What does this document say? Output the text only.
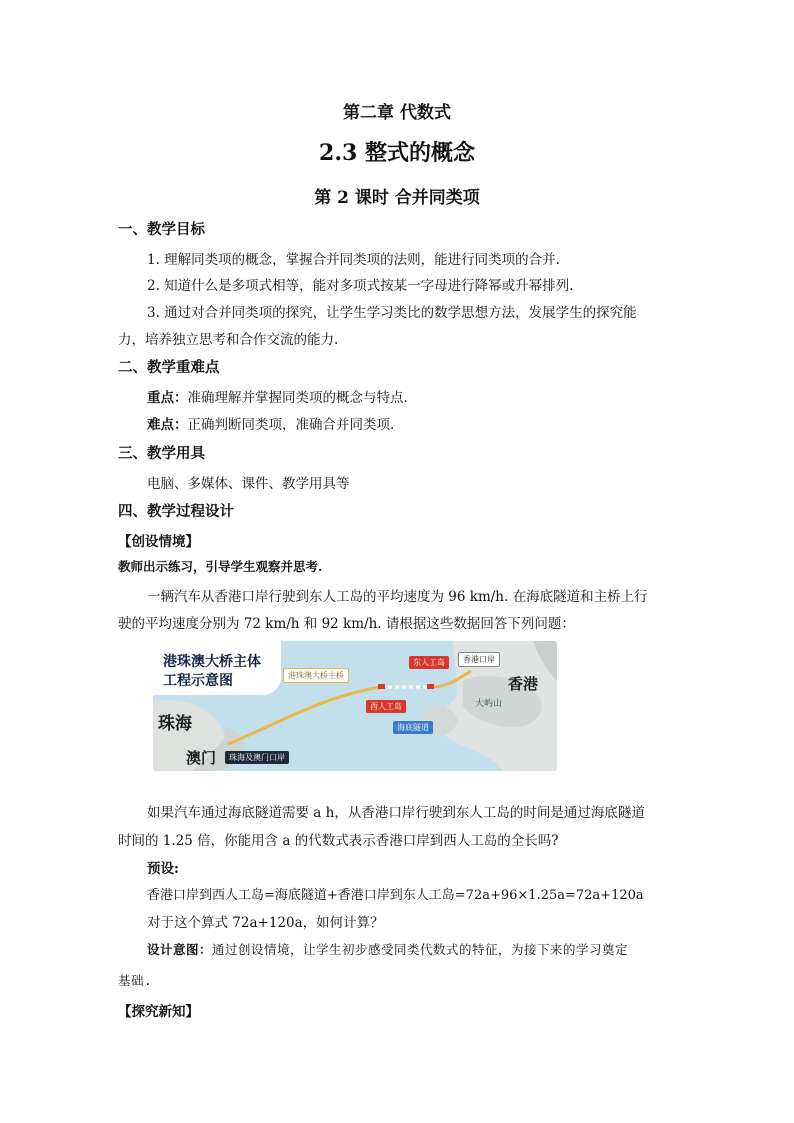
第二章 代数式
2.3 整式的概念
第 2 课时 合并同类项
一、教学目标
1. 理解同类项的概念，掌握合并同类项的法则，能进行同类项的合并.
2. 知道什么是多项式相等，能对多项式按某一字母进行降幂或升幂排列.
3. 通过对合并同类项的探究，让学生学习类比的数学思想方法，发展学生的探究能
力，培养独立思考和合作交流的能力.
二、教学重难点
重点：准确理解并掌握同类项的概念与特点.
难点：正确判断同类项，准确合并同类项.
三、教学用具
电脑、多媒体、课件、教学用具等
四、教学过程设计
【创设情境】
教师出示练习，引导学生观察并思考.
一辆汽车从香港口岸行驶到东人工岛的平均速度为 96 km/h. 在海底隧道和主桥上行
驶的平均速度分别为 72 km/h 和 92 km/h. 请根据这些数据回答下列问题：
港珠澳大桥主体
工程示意图	港珠澳大桥主桥
东人工岛	香港口岸
西人工岛
海底隧道
香港
大屿山
珠海
澳门	珠海及澳门口岸
如果汽车通过海底隧道需要 a h，从香港口岸行驶到东人工岛的时间是通过海底隧道
时间的 1.25 倍，你能用含 a 的代数式表示香港口岸到西人工岛的全长吗?
预设:
香港口岸到西人工岛=海底隧道+香港口岸到东人工岛=72a+96×1.25a=72a+120a
对于这个算式 72a+120a，如何计算？
设计意图：通过创设情境，让学生初步感受同类代数式的特征，为接下来的学习奠定
基础.
【探究新知】
